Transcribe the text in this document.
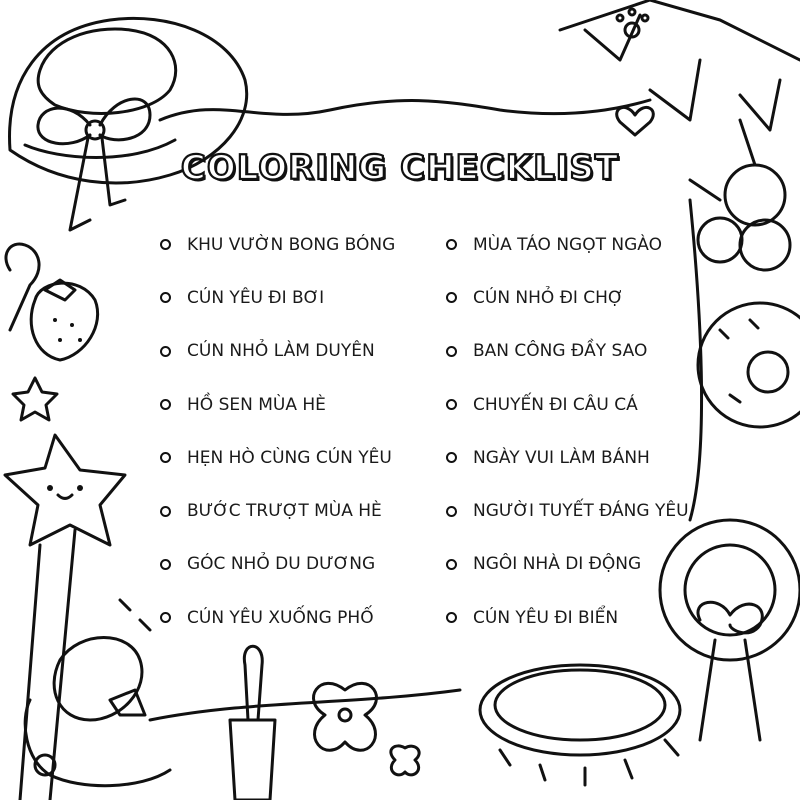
COLORING CHECKLIST
KHU VƯỜN BONG BÓNG
CÚN YÊU ĐI BƠI
CÚN NHỎ LÀM DUYÊN
HỒ SEN MÙA HÈ
HẸN HÒ CÙNG CÚN YÊU
BƯỚC TRƯỢT MÙA HÈ
GÓC NHỎ DU DƯƠNG
CÚN YÊU XUỐNG PHỐ
MÙA TÁO NGỌT NGÀO
CÚN NHỎ ĐI CHỢ
BAN CÔNG ĐẦY SAO
CHUYẾN ĐI CÂU CÁ
NGÀY VUI LÀM BÁNH
NGƯỜI TUYẾT ĐÁNG YÊU
NGÔI NHÀ DI ĐỘNG
CÚN YÊU ĐI BIỂN
